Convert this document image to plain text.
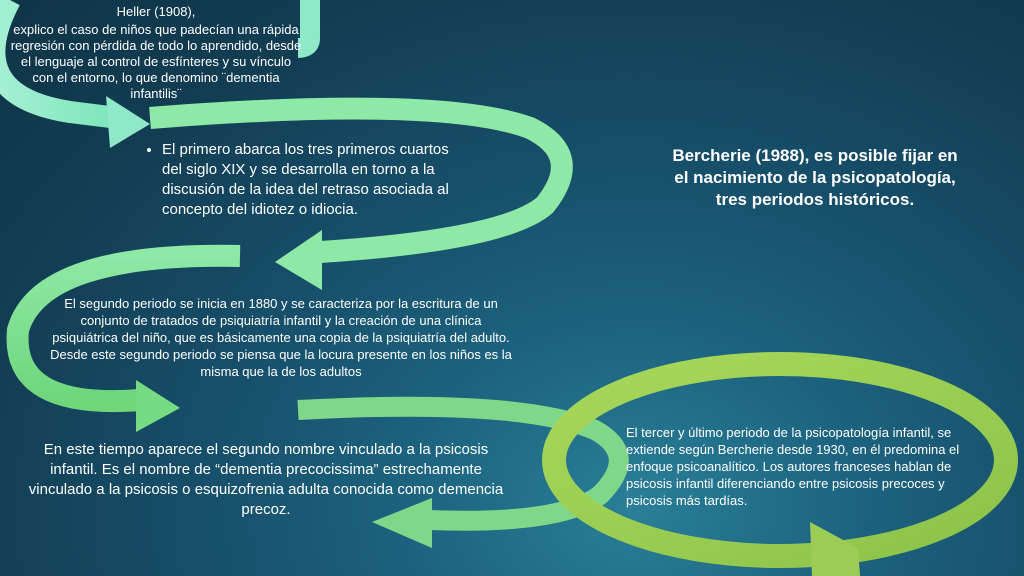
Heller (1908),
explico el caso de niños que padecían una rápida regresión con pérdida de todo lo aprendido, desde el lenguaje al control de esfínteres y su vínculo con el entorno, lo que denomino ¨dementia infantilis¨
• El primero abarca los tres primeros cuartos del siglo XIX y se desarrolla en torno a la discusión de la idea del retraso asociada al concepto del idiotez o idiocia.
Bercherie (1988), es posible fijar en el nacimiento de la psicopatología, tres periodos históricos.
El segundo periodo se inicia en 1880 y se caracteriza por la escritura de un conjunto de tratados de psiquiatría infantil y la creación de una clínica psiquiátrica del niño, que es básicamente una copia de la psiquiatría del adulto. Desde este segundo periodo se piensa que la locura presente en los niños es la misma que la de los adultos
En este tiempo aparece el segundo nombre vinculado a la psicosis infantil. Es el nombre de “dementia precocissima” estrechamente vinculado a la psicosis o esquizofrenia adulta conocida como demencia precoz.
El tercer y último periodo de la psicopatología infantil, se extiende según Bercherie desde 1930, en él predomina el enfoque psicoanalítico. Los autores franceses hablan de psicosis infantil diferenciando entre psicosis precoces y psicosis más tardías.
